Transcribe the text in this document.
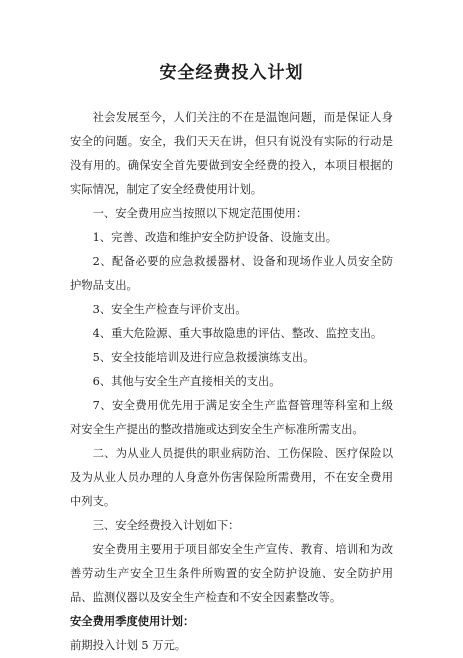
安全经费投入计划

社会发展至今，人们关注的不在是温饱问题，而是保证人身安全的问题。安全，我们天天在讲，但只有说没有实际的行动是没有用的。确保安全首先要做到安全经费的投入，本项目根据的实际情况，制定了安全经费使用计划。

一、安全费用应当按照以下规定范围使用：

1、完善、改造和维护安全防护设备、设施支出。

2、配备必要的应急救援器材、设备和现场作业人员安全防护物品支出。

3、安全生产检查与评价支出。

4、重大危险源、重大事故隐患的评估、整改、监控支出。

5、安全技能培训及进行应急救援演练支出。

6、其他与安全生产直接相关的支出。

7、安全费用优先用于满足安全生产监督管理等科室和上级对安全生产提出的整改措施或达到安全生产标准所需支出。

二、为从业人员提供的职业病防治、工伤保险、医疗保险以及为从业人员办理的人身意外伤害保险所需费用，不在安全费用中列支。

三、安全经费投入计划如下：

安全费用主要用于项目部安全生产宣传、教育、培训和为改善劳动生产安全卫生条件所购置的安全防护设施、安全防护用品、监测仪器以及安全生产检查和不安全因素整改等。

安全费用季度使用计划：

前期投入计划 5 万元。
